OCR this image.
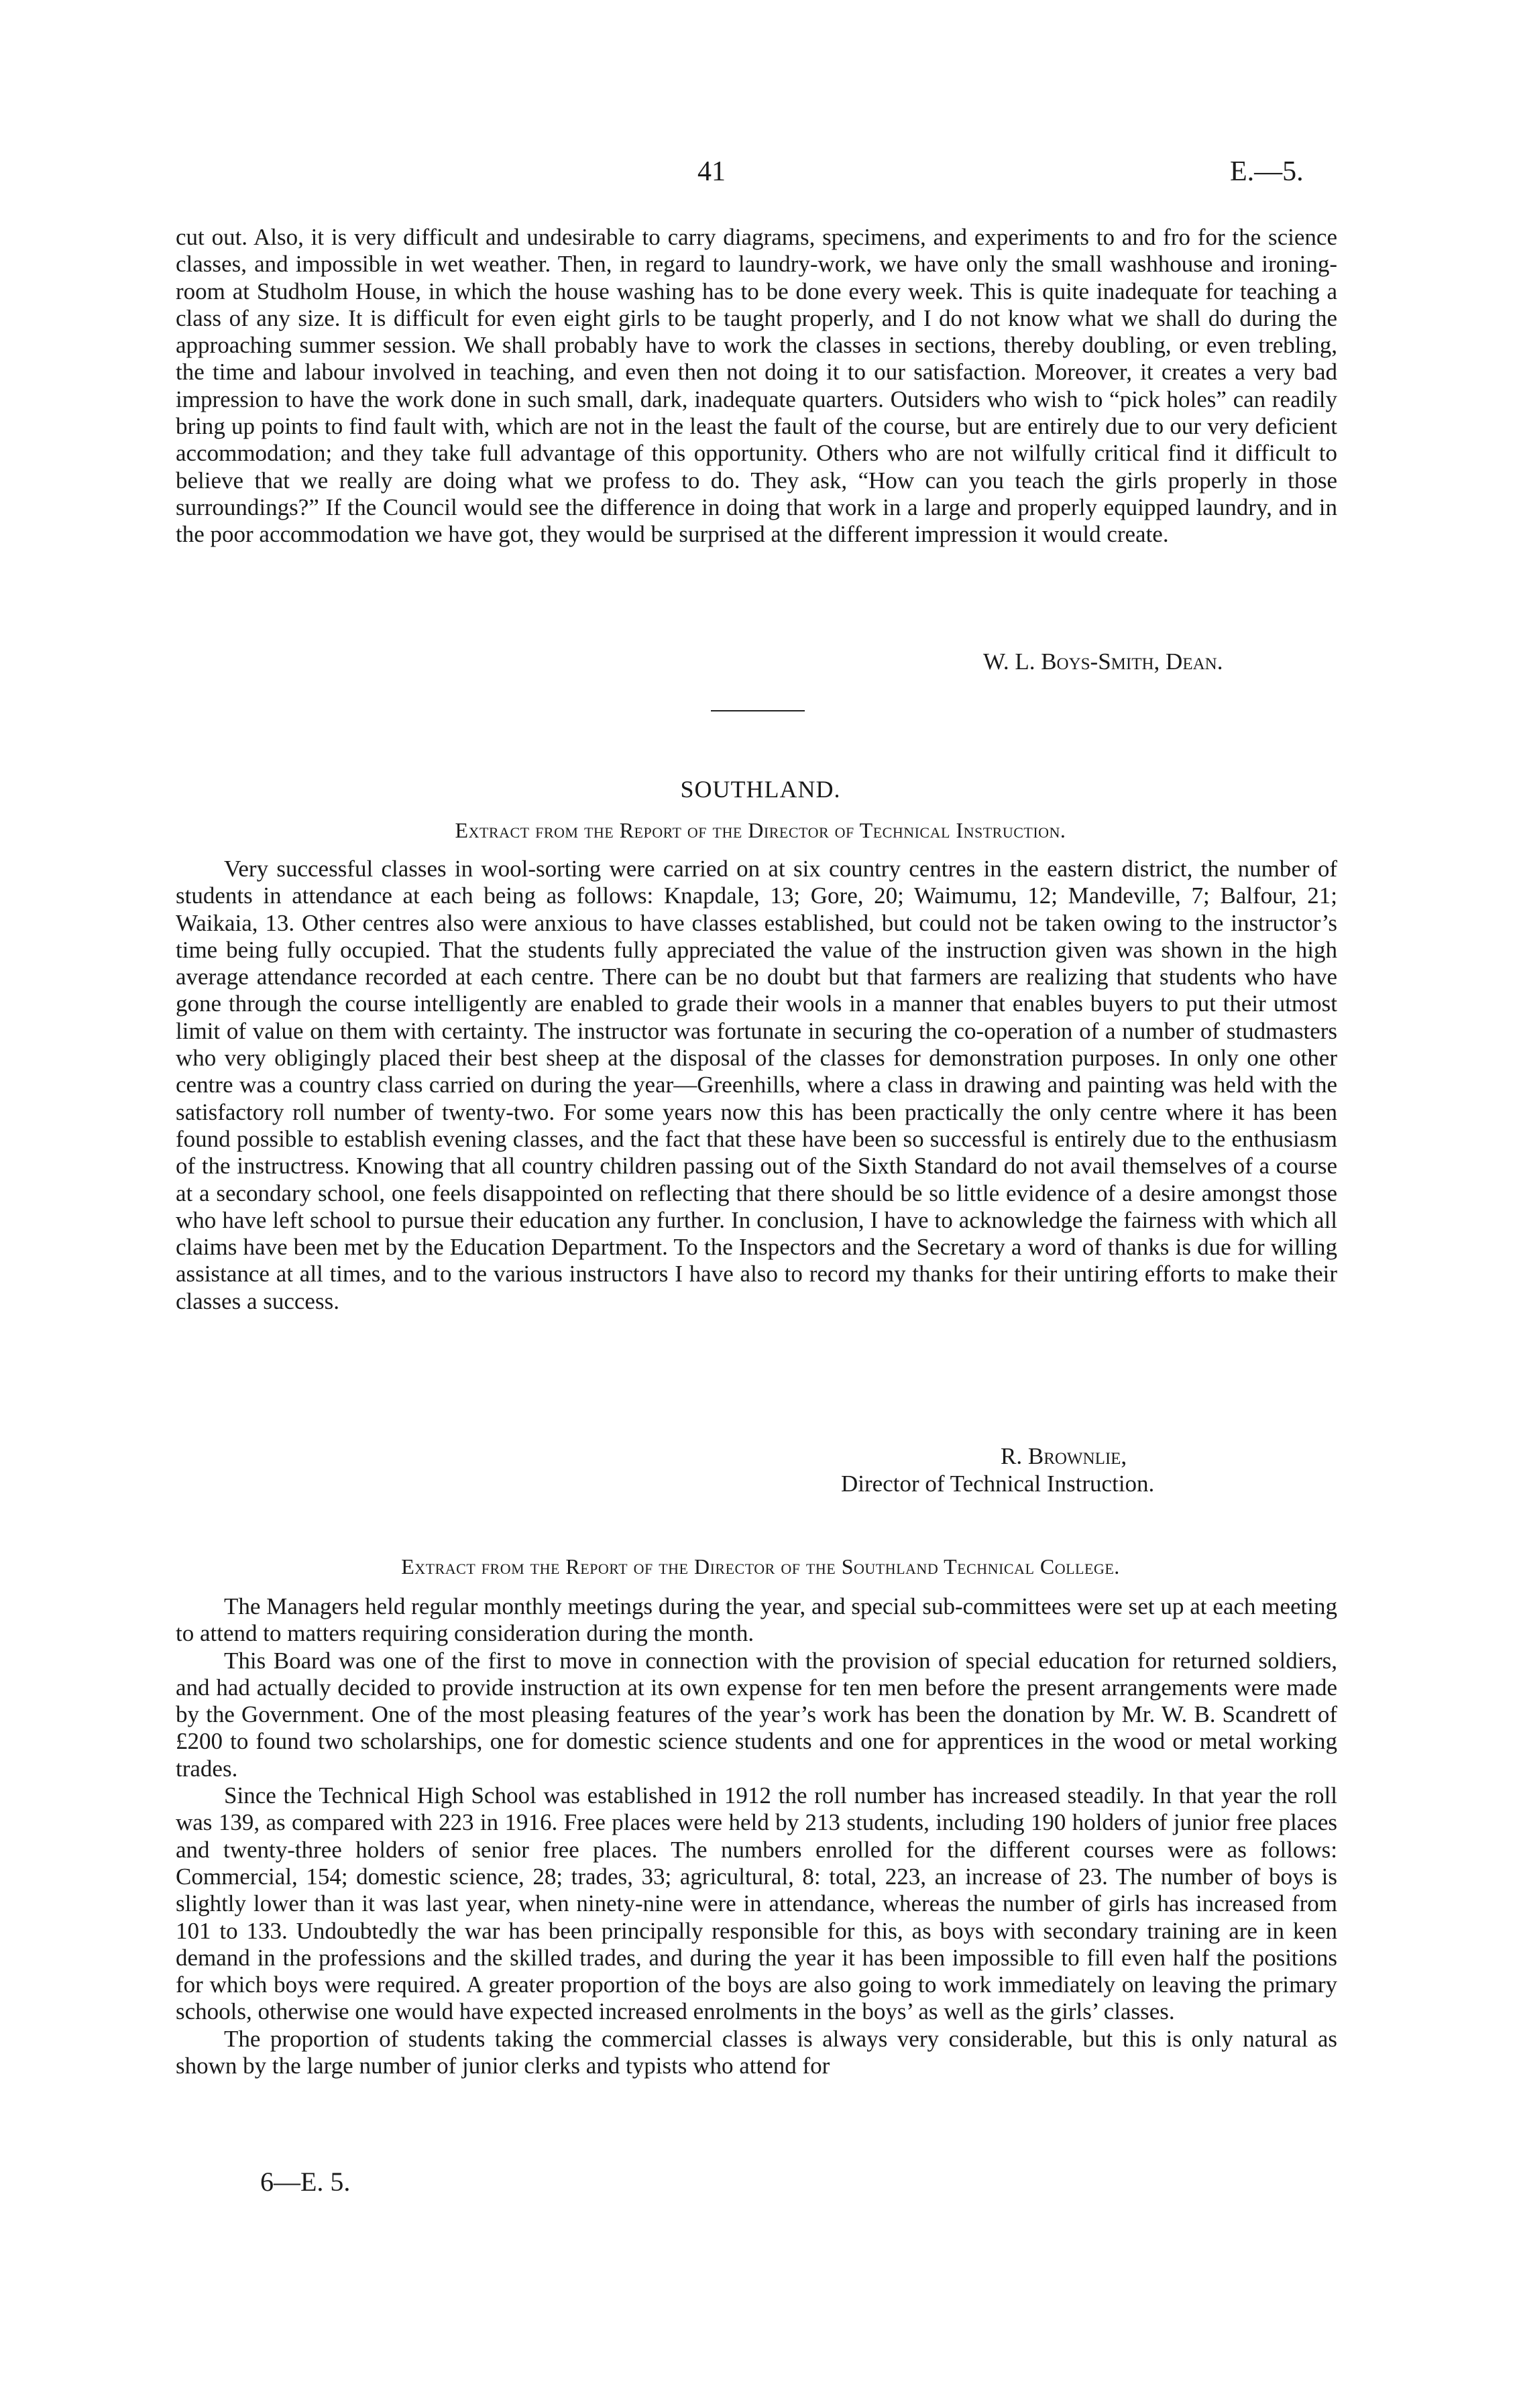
41	E.—5.

cut out. Also, it is very difficult and undesirable to carry diagrams, specimens, and experiments to and fro for the science classes, and impossible in wet weather. Then, in regard to laundry-work, we have only the small washhouse and ironing-room at Studholm House, in which the house washing has to be done every week. This is quite inadequate for teaching a class of any size. It is difficult for even eight girls to be taught properly, and I do not know what we shall do during the approaching summer session. We shall probably have to work the classes in sections, thereby doubling, or even trebling, the time and labour involved in teaching, and even then not doing it to our satisfaction. Moreover, it creates a very bad impression to have the work done in such small, dark, inadequate quarters. Outsiders who wish to “pick holes” can readily bring up points to find fault with, which are not in the least the fault of the course, but are entirely due to our very deficient accommodation; and they take full advantage of this opportunity. Others who are not wilfully critical find it difficult to believe that we really are doing what we profess to do. They ask, “How can you teach the girls properly in those surroundings?” If the Council would see the difference in doing that work in a large and properly equipped laundry, and in the poor accommodation we have got, they would be surprised at the different impression it would create.

W. L. Boys-Smith, Dean.
SOUTHLAND.
Extract from the Report of the Director of Technical Instruction.

Very successful classes in wool-sorting were carried on at six country centres in the eastern district, the number of students in attendance at each being as follows: Knapdale, 13; Gore, 20; Waimumu, 12; Mandeville, 7; Balfour, 21; Waikaia, 13. Other centres also were anxious to have classes established, but could not be taken owing to the instructor’s time being fully occupied. That the students fully appreciated the value of the instruction given was shown in the high average attendance recorded at each centre. There can be no doubt but that farmers are realizing that students who have gone through the course intelligently are enabled to grade their wools in a manner that enables buyers to put their utmost limit of value on them with certainty. The instructor was fortunate in securing the co-operation of a number of studmasters who very obligingly placed their best sheep at the disposal of the classes for demonstration purposes. In only one other centre was a country class carried on during the year—Greenhills, where a class in drawing and painting was held with the satisfactory roll number of twenty-two. For some years now this has been practically the only centre where it has been found possible to establish evening classes, and the fact that these have been so successful is entirely due to the enthusiasm of the instructress. Knowing that all country children passing out of the Sixth Standard do not avail themselves of a course at a secondary school, one feels disappointed on reflecting that there should be so little evidence of a desire amongst those who have left school to pursue their education any further. In conclusion, I have to acknowledge the fairness with which all claims have been met by the Education Department. To the Inspectors and the Secretary a word of thanks is due for willing assistance at all times, and to the various instructors I have also to record my thanks for their untiring efforts to make their classes a success.

R. Brownlie,
Director of Technical Instruction.
Extract from the Report of the Director of the Southland Technical College.

The Managers held regular monthly meetings during the year, and special sub-committees were set up at each meeting to attend to matters requiring consideration during the month.

This Board was one of the first to move in connection with the provision of special education for returned soldiers, and had actually decided to provide instruction at its own expense for ten men before the present arrangements were made by the Government. One of the most pleasing features of the year’s work has been the donation by Mr. W. B. Scandrett of £200 to found two scholarships, one for domestic science students and one for apprentices in the wood or metal working trades.

Since the Technical High School was established in 1912 the roll number has increased steadily. In that year the roll was 139, as compared with 223 in 1916. Free places were held by 213 students, including 190 holders of junior free places and twenty-three holders of senior free places. The numbers enrolled for the different courses were as follows: Commercial, 154; domestic science, 28; trades, 33; agricultural, 8: total, 223, an increase of 23. The number of boys is slightly lower than it was last year, when ninety-nine were in attendance, whereas the number of girls has increased from 101 to 133. Undoubtedly the war has been principally responsible for this, as boys with secondary training are in keen demand in the professions and the skilled trades, and during the year it has been impossible to fill even half the positions for which boys were required. A greater proportion of the boys are also going to work immediately on leaving the primary schools, otherwise one would have expected increased enrolments in the boys’ as well as the girls’ classes.

The proportion of students taking the commercial classes is always very considerable, but this is only natural as shown by the large number of junior clerks and typists who attend for

6—E. 5.
